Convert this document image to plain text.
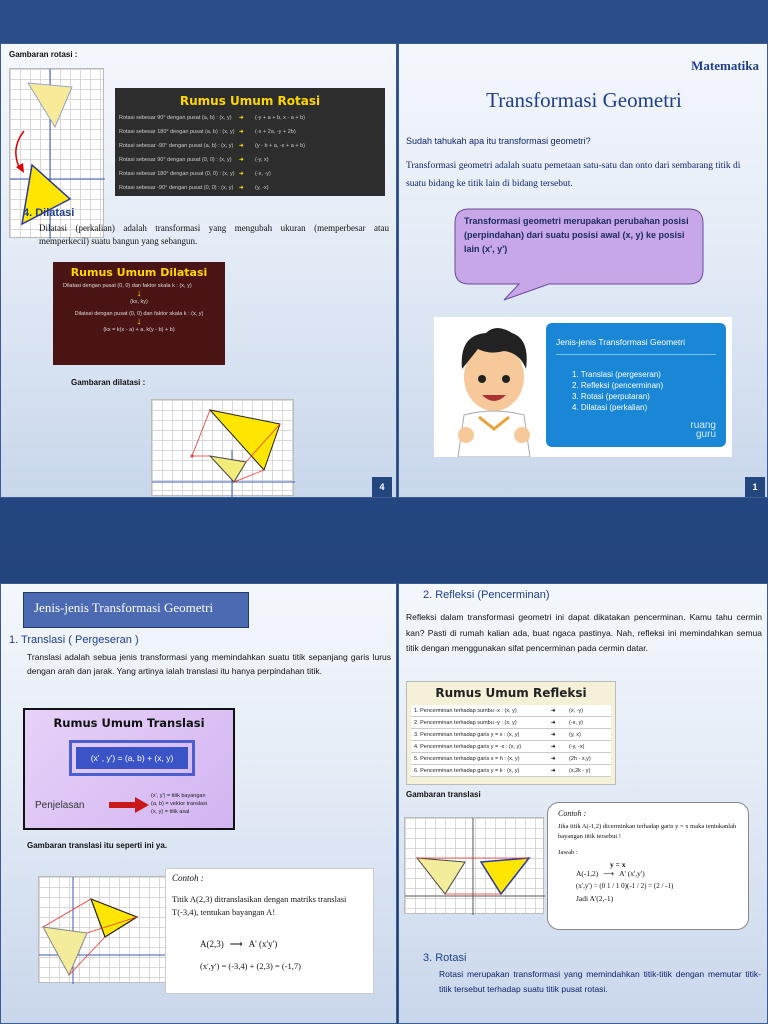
Gambaran rotasi :
Rumus Umum Rotasi
Rotasi sebesar 90° dengan pusat (a, b) : (x, y)	➜	(-y + a + b, x - a + b)
Rotasi sebesar 180° dengan pusat (a, b) : (x, y) ➜	(-x + 2a, -y + 2b)
Rotasi sebesar -90° dengan pusat (a, b) : (x, y)	➜	(y - b + a, -x + a + b)
Rotasi sebesar 90° dengan pusat (0, 0) : (x, y)	➜	(-y, x)
Rotasi sebesar 180° dengan pusat (0, 0) : (x, y) ➜	(-x, -y)
Rotasi sebesar -90° dengan pusat (0, 0) : (x, y)	➜	(y, -x)
4. Dilatasi
Dilatasi (perkalian) adalah transformasi yang mengubah ukuran (memperbesar atau memperkecil) suatu bangun yang sebangun.
Rumus Umum Dilatasi
Dilatasi dengan pusat (0, 0) dan faktor skala k : (x, y)
↓
(kx, ky)
Dilatasi dengan pusat (0, 0) dan faktor skala k : (x, y)
↓
(kx = k(x - a) + a, k(y - b) + b)
Gambaran dilatasi :
4
Matematika
Transformasi Geometri
Sudah tahukah apa itu transformasi geometri?
Transformasi geometri adalah suatu pemetaan satu-satu dan onto dari sembarang titik di suatu bidang ke titik lain di bidang tersebut.
Transformasi geometri merupakan perubahan posisi (perpindahan) dari suatu posisi awal (x, y) ke posisi lain (x', y')
Jenis-jenis Transformasi Geometri
1. Translasi (pergeseran)
2. Refleksi (pencerminan)
3. Rotasi (perputaran)
4. Dilatasi (perkalian)
ruang
guru
1
Jenis-jenis Transformasi Geometri
1. Translasi ( Pergeseran )
Translasi adalah sebua jenis transformasi yang memindahkan suatu titik sepanjang garis lurus dengan arah dan jarak. Yang artinya ialah translasi itu hanya perpindahan titik.
Rumus Umum Translasi
(x' , y') = (a, b) + (x, y)
Penjelasan
(x', y') = titik bayangan
(a, b) = vektor translasi
(x, y) = titik asal
Gambaran translasi itu seperti ini ya.
Contoh :
Titik A(2,3) ditranslasikan dengan matriks translasi T(-3,4), tentukan bayangan A!
A(2,3) ⟶ A' (x'y')
(x',y') = (-3,4) + (2,3) = (-1,7)
2. Refleksi (Pencerminan)
Refleksi dalam transformasi geometri ini dapat dikatakan pencerminan. Kamu tahu cermin kan? Pasti di rumah kalian ada, buat ngaca pastinya. Nah, refleksi ini memindahkan semua titik dengan menggunakan sifat pencerminan pada cermin datar.
Rumus Umum Refleksi
1. Pencerminan terhadap sumbu -x : (x, y)	➜	(x, -y)
2. Pencerminan terhadap sumbu -y : (x, y)	➜	(-x, y)
3. Pencerminan terhadap garis y = x : (x, y)	➜	(y, x)
4. Pencerminan terhadap garis y = -x : (x, y)	➜	(-y, -x)
5. Pencerminan terhadap garis x = h : (x, y)	➜	(2h - x,y)
6. Pencerminan terhadap garis y = k : (x, y)	➜	(x,2k - y)
Gambaran translasi
Contoh :
Jika titik A(-1,2) dicerminkan terhadap garis y = x maka tentukanlah bayangan titik tersebut !
Jawab :
y = x
A(-1,2) ⟶ A' (x',y')
(x',y') = (0 1 / 1 0)(-1 / 2) = (2 / -1)
Jadi A'(2,-1)
3. Rotasi
Rotasi merupakan transformasi yang memindahkan titik-titik dengan memutar titik-titik tersebut terhadap suatu titik pusat rotasi.
